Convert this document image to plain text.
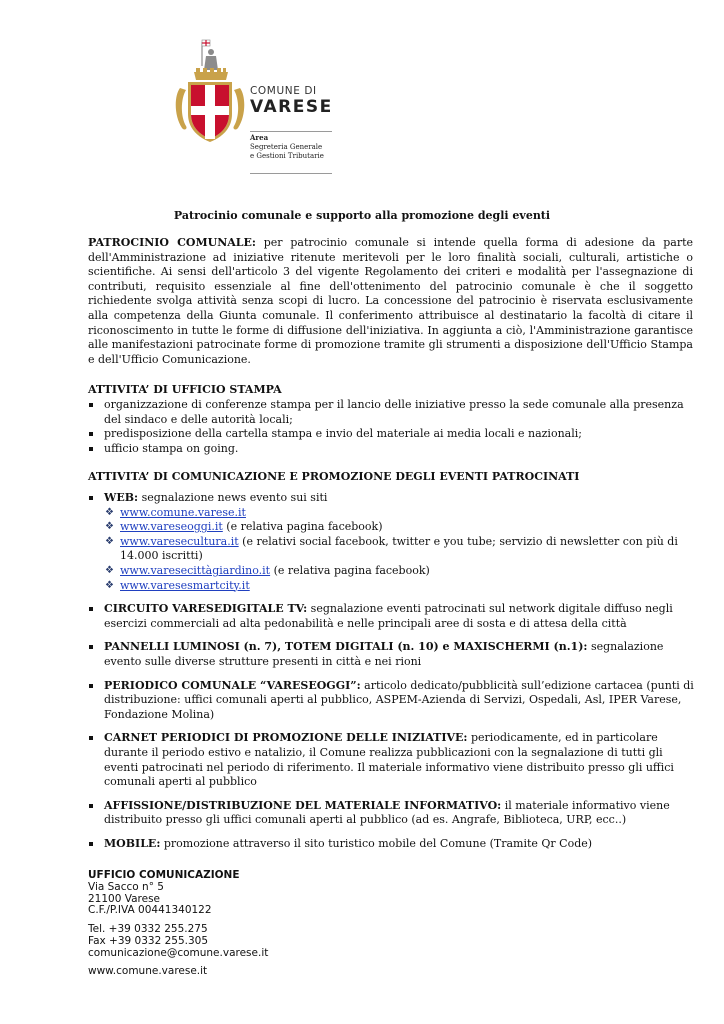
COMUNE DI
VARESE
Area
Segreteria Generale
e Gestioni Tributarie
Patrocinio comunale e supporto alla promozione degli eventi
PATROCINIO COMUNALE: per patrocinio comunale si intende quella forma di adesione da parte dell'Amministrazione ad iniziative ritenute meritevoli per le loro finalità sociali, culturali, artistiche o scientifiche. Ai sensi dell'articolo 3 del vigente Regolamento dei criteri e modalità per l'assegnazione di contributi, requisito essenziale al fine dell'ottenimento del patrocinio comunale è che il soggetto richiedente svolga attività senza scopi di lucro. La concessione del patrocinio è riservata esclusivamente alla competenza della Giunta comunale. Il conferimento attribuisce al destinatario la facoltà di citare il riconoscimento in tutte le forme di diffusione dell'iniziativa. In aggiunta a ciò, l'Amministrazione garantisce alle manifestazioni patrocinate forme di promozione tramite gli strumenti a disposizione dell'Ufficio Stampa e dell'Ufficio Comunicazione.
ATTIVITA’ DI UFFICIO STAMPA
organizzazione di conferenze stampa per il lancio delle iniziative presso la sede comunale alla presenza del sindaco e delle autorità locali;
predisposizione della cartella stampa e invio del materiale ai media locali e nazionali;
ufficio stampa on going.
ATTIVITA’ DI COMUNICAZIONE E PROMOZIONE DEGLI EVENTI PATROCINATI
WEB: segnalazione news evento sui siti
❖ www.comune.varese.it
❖ www.vareseoggi.it (e relativa pagina facebook)
❖ www.varesecultura.it (e relativi social facebook, twitter e you tube; servizio di newsletter con più di 14.000 iscritti)
❖ www.varesecittàgiardino.it (e relativa pagina facebook)
❖ www.varesesmartcity.it
CIRCUITO VARESEDIGITALE TV: segnalazione eventi patrocinati sul network digitale diffuso negli esercizi commerciali ad alta pedonabilità e nelle principali aree di sosta e di attesa della città
PANNELLI LUMINOSI (n. 7), TOTEM DIGITALI (n. 10) e MAXISCHERMI (n.1): segnalazione evento sulle diverse strutture presenti in città e nei rioni
PERIODICO COMUNALE “VARESEOGGI”: articolo dedicato/pubblicità sull’edizione cartacea (punti di distribuzione: uffici comunali aperti al pubblico, ASPEM-Azienda di Servizi, Ospedali, Asl, IPER Varese, Fondazione Molina)
CARNET PERIODICI DI PROMOZIONE DELLE INIZIATIVE: periodicamente, ed in particolare durante il periodo estivo e natalizio, il Comune realizza pubblicazioni con la segnalazione di tutti gli eventi patrocinati nel periodo di riferimento. Il materiale informativo viene distribuito presso gli uffici comunali aperti al pubblico
AFFISSIONE/DISTRIBUZIONE DEL MATERIALE INFORMATIVO: il materiale informativo viene distribuito presso gli uffici comunali aperti al pubblico (ad es. Angrafe, Biblioteca, URP, ecc..)
MOBILE: promozione attraverso il sito turistico mobile del Comune (Tramite Qr Code)
UFFICIO COMUNICAZIONE
Via Sacco n° 5
21100 Varese
C.F./P.IVA 00441340122
Tel. +39 0332 255.275
Fax +39 0332 255.305
comunicazione@comune.varese.it
www.comune.varese.it
